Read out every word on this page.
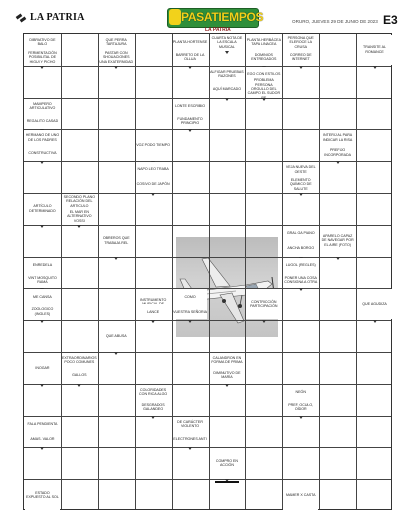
LA PATRIA	PASATIEMPOS
LA PATRIA
ORURO, JUEVES 29 DE JUNIO DE 2023 E3
DIBRIATIVO DE BALO
QUE PERRA TARTAJURA
PLANTA HORTENSE
CUARTA NOTA DE LA ESCALA MUSICAL
PLANTA HERBÁCEA TAPA LINACEA
PERSONA QUE ELEROCE LA CRUSA	TRANSITE AL ROMANCE
FERMENTACIÓN POSIBILITAL DE HIGUI Y PICHO
PASTAR CON SHOUACIONES UNA EXATERNIDAD
BARRETO DE LA OLLUA
DOMINIOS ENTREGADOS
CORREO DE INTERNET
ALFIGAR PRUEBAS RAZONES
AQUÍ MARCADO
EGO CON ESTILOS
PROBLEMA PERSONA ORGULLO DEL CAMPO EL SUDOR RE
MAMPERO ARTICULATIVO
REGALITO CASAD
LONTE ESCRIBIO
FUNDAMENTO PRINCIPIO
HERMANO DE UNO DE LOS PADRES
CONSTRUCTIVA
VOZ PODO TIEMPO
INTERIJ AL PARA INDICAR LA RISA
PREFIJO INCORPORADA
VEJA NUEVA DEL OESTE
ELEMENTO QUÍMICO DE SALUTE
ARTÍCULO DETERMINADO
SECONDO PLANO RELACIÓN DEL ARTICULO
EL MAR EN ALTERNATIVO VOSSI
NAPO LEO TRABA
COSIVO DE JAPÓN
OBREROS QUE TRABAJA REL
GRAL GA PIANO
ANCHA BORGO
APARELO CAPAZ DE NAVEGAR POR EL AIRE (FOTO)
ENREDELA
VINT MOSQUITO RAMA
LUGOL (REGLES)
PONER UNA COSA CONSIGNA A OTRA
ME CANSA
ZOOLOGICO (INGLES)
INSTRUMENTO
COMO
VUESTRA SEÑORIA
CONTRICCIÓN PARTICIPACIÓN
QUE AGUDIZA
LANCE
QUE ABUSA
INOGAR
EXTRAORDINARIOS POCO COMUNES
GALLOS
CALANDRON EN FORMA DE PRIMA
DIMINUTIVO DE MARÍA
COLORIDADES CON RICA ALGO
DESGRADOS GALANDEO
NEÓN
PREF. OCULO, OÍDOR
FALA PENDIENTA
AMAS. VALOR
DE CARÁCTER VIOLENTO
ELECTRONES ANTI
COMPRO EN ACCIÓN
ESTADO EXPUESTO AL SOL
MAMER X CASTA
